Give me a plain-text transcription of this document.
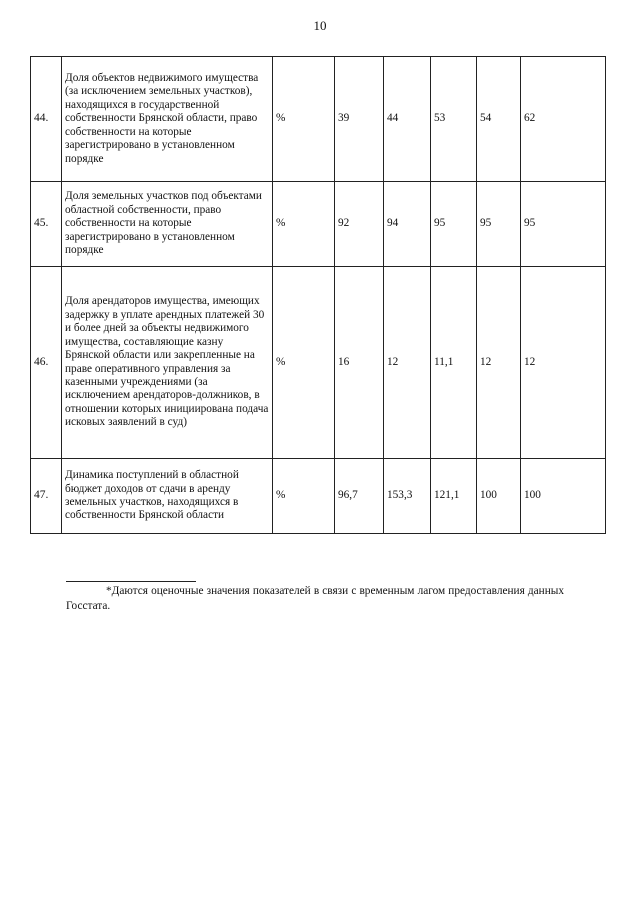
10
44.	Доля объектов недвижимого имущества (за исключением земельных участков), находящихся в государственной собственности Брянской области, право собственности на которые зарегистрировано в установленном порядке	%	39	44	53	54	62
45.	Доля земельных участков под объектами областной собственности, право собственности на которые зарегистрировано в установленном порядке	%	92	94	95	95	95
46.	Доля арендаторов имущества, имеющих задержку в уплате арендных платежей 30 и более дней за объекты недвижимого имущества, составляющие казну Брянской области или закрепленные на праве оперативного управления за казенными учреждениями (за исключением арендаторов-должников, в отношении которых инициирована подача исковых заявлений в суд)	%	16	12	11,1	12	12
47.	Динамика поступлений в областной бюджет доходов от сдачи в аренду земельных участков, находящихся в собственности Брянской области	%	96,7	153,3	121,1	100	100
*Даются оценочные значения показателей в связи с временным лагом предоставления данных Госстата.
